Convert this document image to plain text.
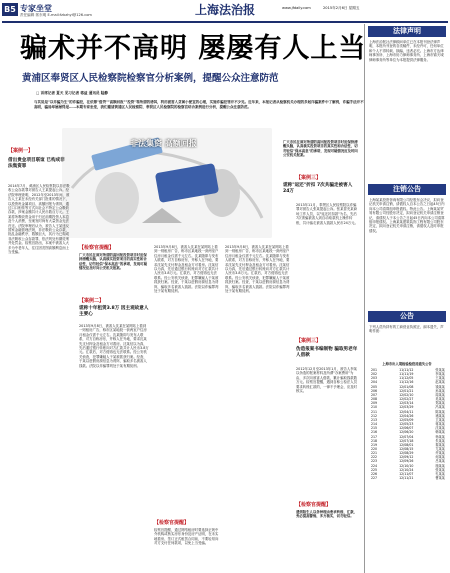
B5 专家坐堂
责任编辑 郭东明 E-mail:fzbzhyl@126.com	上海法治报	www.jfdaily.com	2015年2月6日 星期五
骗术并不高明 屡屡有人上当
黄浦区奉贤区人民检察院检察官分析案例，提醒公众注意防范
□ 首席记者 夏天 见习记者 蒋益 通讯员 陆静
与其说是"以诈骗为生"的诈骗犯，在依靠"借贷""高额回报""投资"等所谓的诱饵，利用被害人贪图小便宜的心理，实施诈骗犯罪并不少见。近年来，本报记者从检察机关办理的多起诈骗案件中了解到，诈骗手法并不高明，骗局却屡屡得逞……本期专家坐堂，我们邀请黄浦区人民检察院、奉贤区人民检察院的检察官结合案例进行分析，提醒公众注意防范。
非法集资 高额回报
【案例一】
借出贵金项目联谊 已构成非法集资罪
2014年7月，黄浦区人民检察院以非法吸收公众存款罪对被告人王某提起公诉。经法院审理查明，2012年至2013年间，被告人王某在未经有关部门批准的情况下，以投资贵金属项目、高额回报为诱饵，通过口口相传等方式向社会不特定公众吸收存款，涉案金额共计人民币数百万元。王某将所吸收资金用于归还前期投资人本息及个人消费，至案发时尚有大量资金无法归还。法院审理后认为，被告人王某违反国家金融管理法规，非法吸收公众存款，扰乱金融秩序，数额巨大，其行为已构成非法吸收公众存款罪，依法判处有期徒刑并处罚金。检察官指出，本案中被害人大多为中老年人，往往因贪图高额利息而上当受骗。
【检察官提醒】
广大市民在面对所谓的高回报投资项目时应保持清醒头脑，认真核实投资项目的真实性和合法性，切勿轻信"保本高息"的承诺，发现可疑情况应及时向公安机关报案。
【案例二】
谎称十年租赁3.8万 因主观故意人主要心
2013年9月8日，被害人沈某在某网站上看到一则租房广告，称市区某地段一套两室户住房月租金仅需千元左右。沈某随即与发布人联系，对方自称房东，并称人在外地，要求沈某先支付押金及租金方可看房。沈某信以为真，先后通过银行转账向对方汇款共计人民币3.8万元。汇款后，对方便再也无法联系。经公安机关侦查，犯罪嫌疑人于某被抓获归案。经查，于某以虚假房源信息为诱饵，骗取多名被害人钱款。法院以诈骗罪判处于某有期徒刑。
2013年9月8日，被害人沈某在某网站上看到一则租房广告，称市区某地段一套两室户住房月租金仅需千元左右。沈某随即与发布人联系，对方自称房东，并称人在外地，要求沈某先支付押金及租金方可看房。沈某信以为真，先后通过银行转账向对方汇款共计人民币3.8万元。汇款后，对方便再也无法联系。经公安机关侦查，犯罪嫌疑人于某被抓获归案。经查，于某以虚假房源信息为诱饵，骗取多名被害人钱款。法院以诈骗罪判处于某有期徒刑。
【检察官提醒】
检察官提醒，通过网络租房时要选择正规中介机构或核实房东身份及房产证明，在未实地看房、签订正式租赁合同前，不要轻易向对方支付任何款项，以免上当受骗。
2013年9月8日，被害人沈某在某网站上看到一则租房广告，称市区某地段一套两室户住房月租金仅需千元左右。沈某随即与发布人联系，对方自称房东，并称人在外地，要求沈某先支付押金及租金方可看房。沈某信以为真，先后通过银行转账向对方汇款共计人民币3.8万元。汇款后，对方便再也无法联系。经公安机关侦查，犯罪嫌疑人于某被抓获归案。经查，于某以虚假房源信息为诱饵，骗取多名被害人钱款。法院以诈骗罪判处于某有期徒刑。
广大市民在面对所谓的高回报投资项目时应保持清醒头脑，认真核实投资项目的真实性和合法性，切勿轻信"保本高息"的承诺，发现可疑情况应及时向公安机关报案。
【案例三】
谎称"返还"折扣 7次共骗走被害人24万
2013年11月，奉贤区人民检察院以诈骗罪对被告人张某提起公诉。张某冒充某商场工作人员，以"返还折扣款"为名，先后7次诱骗被害人到自动取款机上操作转账，共计骗走被害人钱款人民币24万元。
【案例三】
伪造报案书编制物 骗取男老年人借款
2012年12月至2013年1月，被告人李某以伪造的报案材料及所谓"办案费用"为由，多次向被害人借款，累计骗取钱款数万元。检察官提醒，遇到自称公检法人员要求转账汇款的，一律不予理会，应及时核实。
【检察官提醒】
遇到陌生人以各种理由要求转账、汇款，务必提高警惕，多方核实，切勿轻信。
法律声明
上海法治报社法律顾问单位已在本报刊登法律声明，本报所刊登的各类稿件，未经许可，任何单位和个人不得转载、摘编，违者必究。上海市方达律师事务所、上海市协力律师事务所、上海市锦天城律师事务所等单位为本报提供法律服务。
注销公告
上海某某投资咨询有限公司经股东会决议，拟向登记机关申请注销，请债权人自本公告之日起45日内向本公司清算组申报债权。特此公告。上海某某贸易有限公司经股东决定，拟向登记机关申请注销登记，请债权人于本公告之日起45日内向本公司清算组申报债权。上海某某建筑装饰工程有限公司股东决定，拟向登记机关申请注销，请债权人及时申报债权。
公告
下列人员所持有的工商营业执照正、副本遗失，声明作废：
上海市出入境检验检疫局遗失公告
201	11/11/12	张某某
202	11/11/19	李某某
203	11/12/05	王某某
204	11/12/16	赵某某
205	12/01/08	钱某某
206	12/01/21	孙某某
207	12/02/10	周某某
208	12/02/27	吴某某
209	12/03/14	郑某某
210	12/03/29	冯某某
211	12/04/11	陈某某
212	12/04/26	褚某某
213	12/05/09	卫某某
214	12/05/23	蒋某某
215	12/06/07	沈某某
216	12/06/20	韩某某
217	12/07/04	杨某某
218	12/07/18	朱某某
219	12/08/01	秦某某
220	12/08/15	尤某某
221	12/08/29	许某某
222	12/09/12	何某某
223	12/09/26	吕某某
224	12/10/10	施某某
225	12/10/24	张某某
226	12/11/07	孔某某
227	12/11/21	曹某某
